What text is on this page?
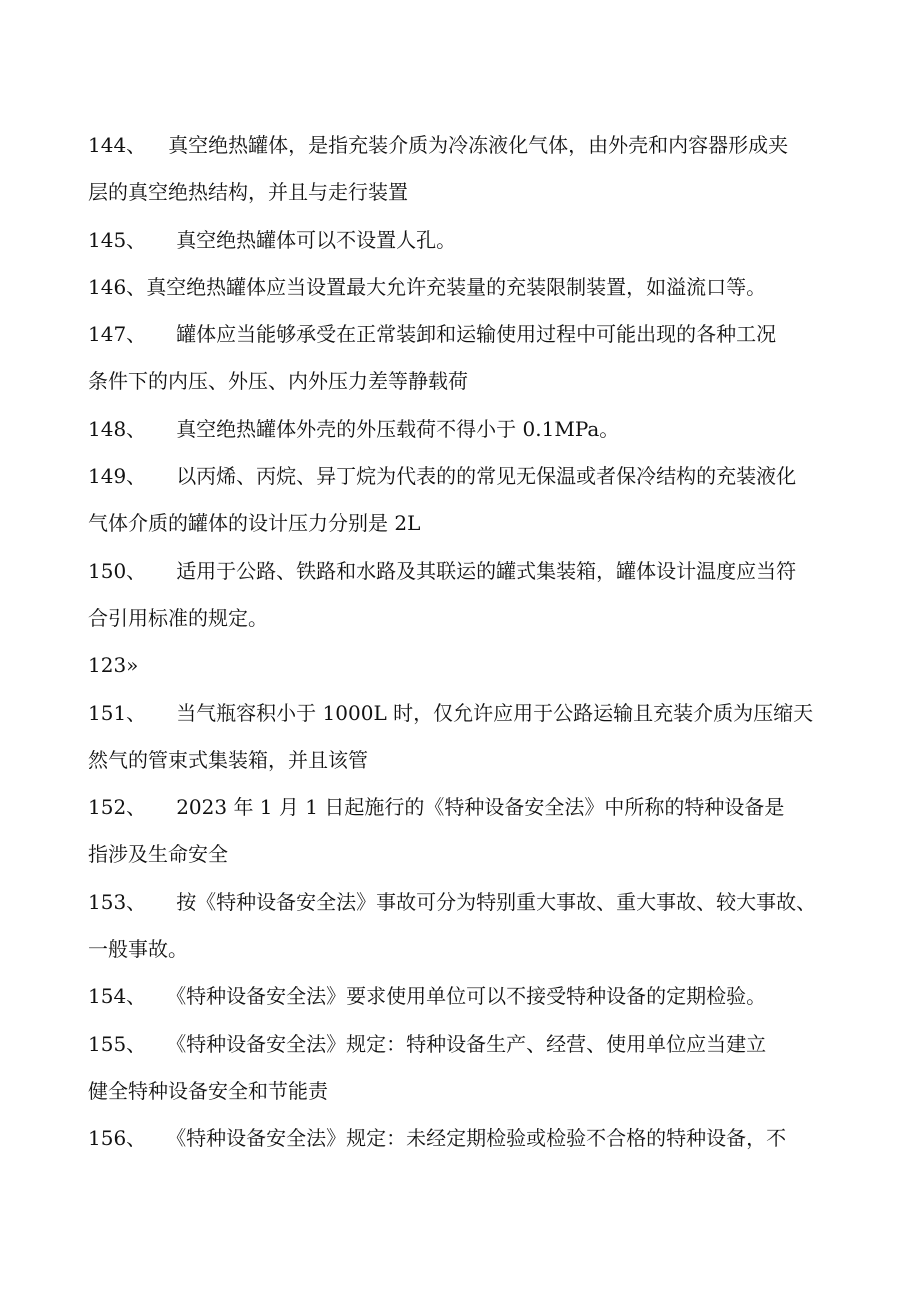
144、 真空绝热罐体，是指充装介质为冷冻液化气体，由外壳和内容器形成夹
层的真空绝热结构，并且与走行装置
145、 真空绝热罐体可以不设置人孔。
146、真空绝热罐体应当设置最大允许充装量的充装限制装置，如溢流口等。
147、 罐体应当能够承受在正常装卸和运输使用过程中可能出现的各种工况
条件下的内压、外压、内外压力差等静载荷
148、 真空绝热罐体外壳的外压载荷不得小于 0.1MPa。
149、 以丙烯、丙烷、异丁烷为代表的的常见无保温或者保冷结构的充装液化
气体介质的罐体的设计压力分别是 2L
150、 适用于公路、铁路和水路及其联运的罐式集装箱，罐体设计温度应当符
合引用标准的规定。
123»
151、 当气瓶容积小于 1000L 时，仅允许应用于公路运输且充装介质为压缩天
然气的管束式集装箱，并且该管
152、 2023 年 1 月 1 日起施行的《特种设备安全法》中所称的特种设备是
指涉及生命安全
153、 按《特种设备安全法》事故可分为特别重大事故、重大事故、较大事故、
一般事故。
154、 《特种设备安全法》要求使用单位可以不接受特种设备的定期检验。
155、 《特种设备安全法》规定：特种设备生产、经营、使用单位应当建立
健全特种设备安全和节能责
156、 《特种设备安全法》规定：未经定期检验或检验不合格的特种设备，不
